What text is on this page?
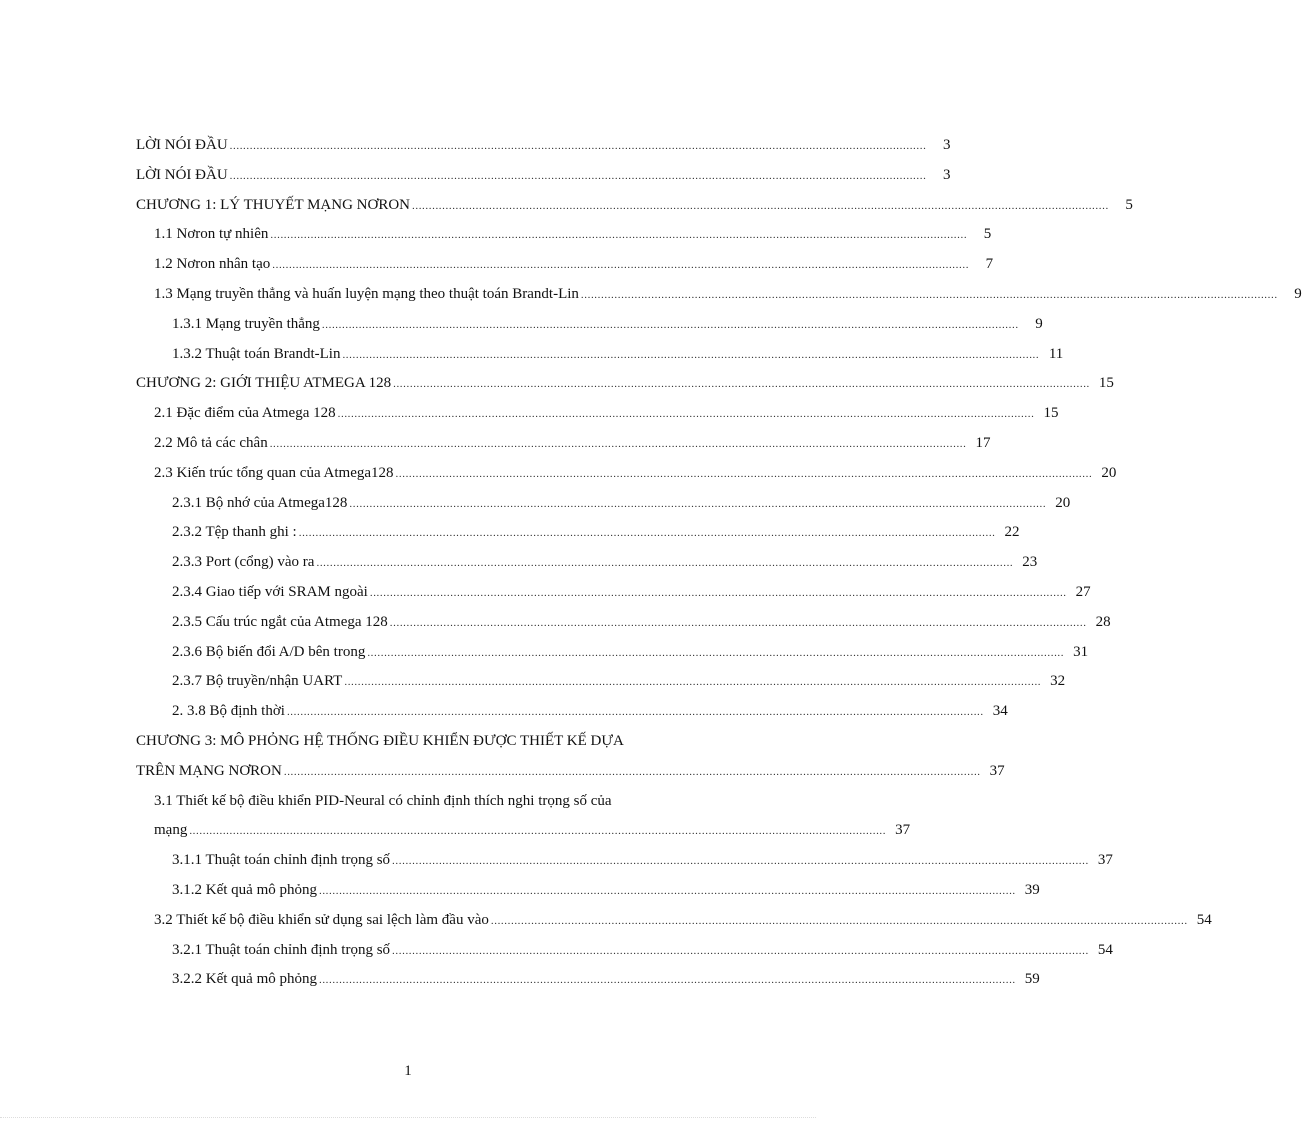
LỜI NÓI ĐẦU ................................................................................................................................................................................................................	3
LỜI NÓI ĐẦU ................................................................................................................................................................................................................	3
CHƯƠNG 1: LÝ THUYẾT MẠNG NƠRON ................................................................................................................................................................................................................	5
1.1 Nơron tự nhiên ................................................................................................................................................................................................................	5
1.2 Nơron nhân tạo ................................................................................................................................................................................................................	7
1.3 Mạng truyền thẳng và huấn luyện mạng theo thuật toán Brandt-Lin ................................................................................................................................................................................................................	9
1.3.1 Mạng truyền thẳng ................................................................................................................................................................................................................	9
1.3.2 Thuật toán Brandt-Lin ................................................................................................................................................................................................................ 11
CHƯƠNG 2: GIỚI THIỆU ATMEGA 128 ................................................................................................................................................................................................................ 15
2.1 Đặc điểm của Atmega 128 ................................................................................................................................................................................................................ 15
2.2 Mô tả các chân ................................................................................................................................................................................................................ 17
2.3 Kiến trúc tổng quan của Atmega128 ................................................................................................................................................................................................................ 20
2.3.1 Bộ nhớ của Atmega128 ................................................................................................................................................................................................................ 20
2.3.2 Tệp thanh ghi : ................................................................................................................................................................................................................ 22
2.3.3 Port (cổng) vào ra ................................................................................................................................................................................................................ 23
2.3.4 Giao tiếp với SRAM ngoài ................................................................................................................................................................................................................ 27
2.3.5 Cấu trúc ngắt của Atmega 128 ................................................................................................................................................................................................................ 28
2.3.6 Bộ biến đổi A/D bên trong ................................................................................................................................................................................................................ 31
2.3.7 Bộ truyền/nhận UART ................................................................................................................................................................................................................ 32
2. 3.8 Bộ định thời ................................................................................................................................................................................................................ 34
CHƯƠNG 3: MÔ PHỎNG HỆ THỐNG ĐIỀU KHIỂN ĐƯỢC THIẾT KẾ DỰA
TRÊN MẠNG NƠRON ................................................................................................................................................................................................................ 37
3.1 Thiết kế bộ điều khiển PID-Neural có chỉnh định thích nghi trọng số của
mạng ................................................................................................................................................................................................................ 37
3.1.1 Thuật toán chỉnh định trọng số ................................................................................................................................................................................................................ 37
3.1.2 Kết quả mô phỏng ................................................................................................................................................................................................................ 39
3.2 Thiết kế bộ điều khiển sử dụng sai lệch làm đầu vào ................................................................................................................................................................................................................ 54
3.2.1 Thuật toán chỉnh định trọng số ................................................................................................................................................................................................................ 54
3.2.2 Kết quả mô phỏng ................................................................................................................................................................................................................ 59
1
